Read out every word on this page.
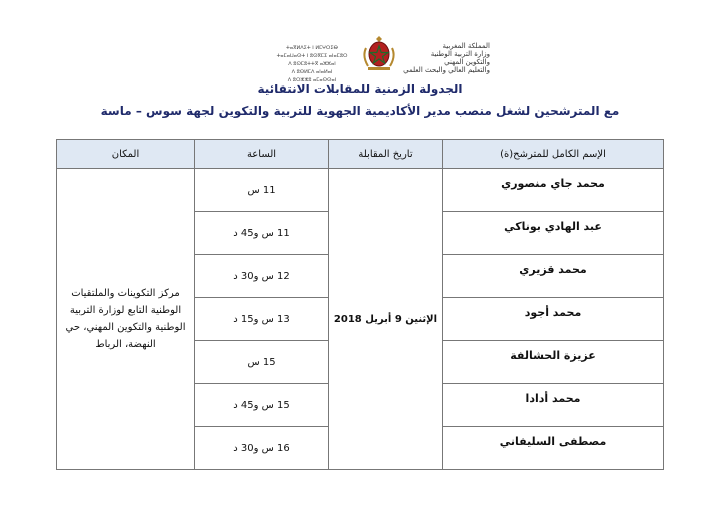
ⵜⴰⴳⵍⴷⵉⵜ ⵏ ⵍⵎⵖⵔⵉⴱ
ⵜⴰⵎⴰⵡⴰⵙⵜ ⵏ ⵓⵙⴳⵎⵉ ⴰⵏⴰⵎⵓⵔ
ⴷ ⵓⵙⵎⵓⵜⵜⴳ ⴰⵣⵣⴰⵏ
ⴷ ⵓⵙⵍⵎⴷ ⴰⵏⴰⵍⴰⵏ
ⴷ ⵓⵔⵣⵣⵓ ⴰⵎⴰⵙⵙⴰⵏ
المملكة المغربية
وزارة التربية الوطنية
والتكوين المهني
والتعليم العالي والبحث العلمي
الجدولة الزمنية للمقابلات الانتقائية
مع المترشحين لشغل منصب مدير الأكاديمية الجهوية للتربية والتكوين لجهة سوس – ماسة
الإسم الكامل للمترشح(ة)	تاريخ المقابلة	الساعة	المكان
محمد جاي منصوري	الإثنين 9 أبريل 2018	11 س	مركز التكوينات والملتقيات الوطنية التابع لوزارة التربية الوطنية والتكوين المهني، حي النهضة، الرباط
عبد الهادي بوناكي		11 س و45 د	
محمد قزيري		12 س و30 د	
محمد أجود		13 س و15 د	
عزيزة الحشالفة		15 س	
محمد أدادا		15 س و45 د	
مصطفى السليفاني		16 س و30 د	
